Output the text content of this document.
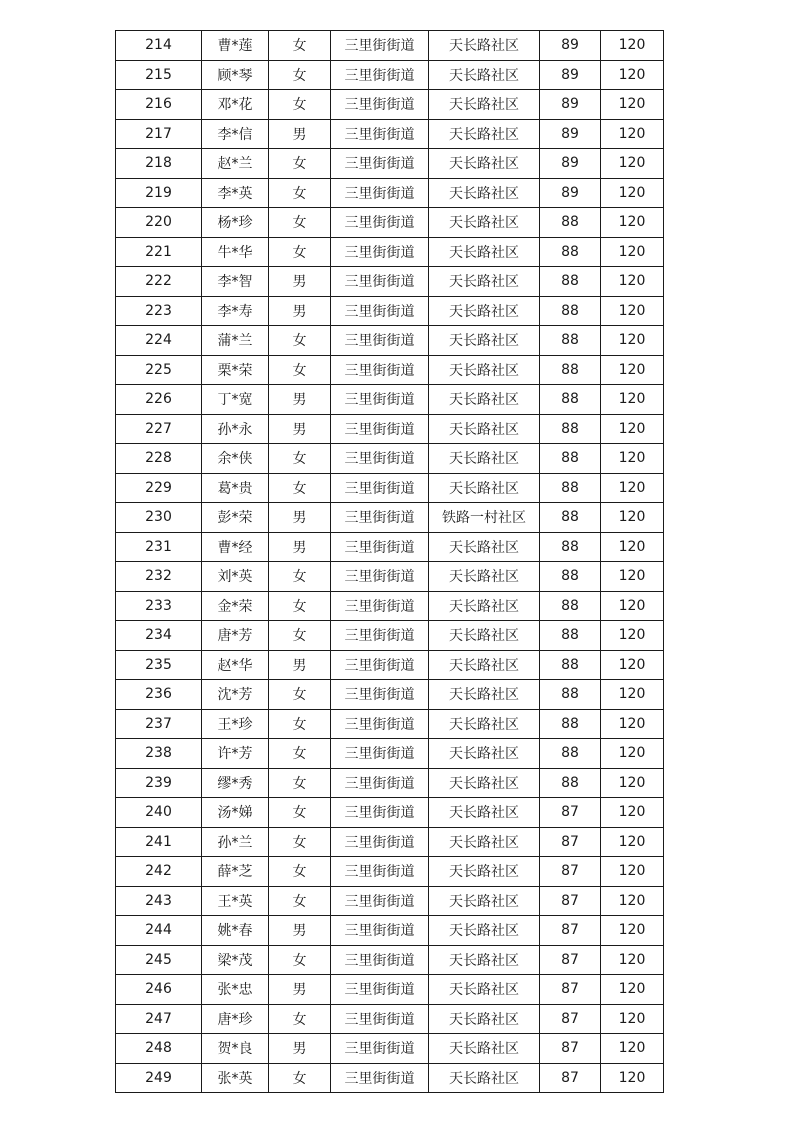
214	曹*莲	女	三里街街道	天长路社区	89	120
215	顾*琴	女	三里街街道	天长路社区	89	120
216	邓*花	女	三里街街道	天长路社区	89	120
217	李*信	男	三里街街道	天长路社区	89	120
218	赵*兰	女	三里街街道	天长路社区	89	120
219	李*英	女	三里街街道	天长路社区	89	120
220	杨*珍	女	三里街街道	天长路社区	88	120
221	牛*华	女	三里街街道	天长路社区	88	120
222	李*智	男	三里街街道	天长路社区	88	120
223	李*寿	男	三里街街道	天长路社区	88	120
224	蒲*兰	女	三里街街道	天长路社区	88	120
225	栗*荣	女	三里街街道	天长路社区	88	120
226	丁*宽	男	三里街街道	天长路社区	88	120
227	孙*永	男	三里街街道	天长路社区	88	120
228	余*侠	女	三里街街道	天长路社区	88	120
229	葛*贵	女	三里街街道	天长路社区	88	120
230	彭*荣	男	三里街街道	铁路一村社区	88	120
231	曹*经	男	三里街街道	天长路社区	88	120
232	刘*英	女	三里街街道	天长路社区	88	120
233	金*荣	女	三里街街道	天长路社区	88	120
234	唐*芳	女	三里街街道	天长路社区	88	120
235	赵*华	男	三里街街道	天长路社区	88	120
236	沈*芳	女	三里街街道	天长路社区	88	120
237	王*珍	女	三里街街道	天长路社区	88	120
238	许*芳	女	三里街街道	天长路社区	88	120
239	缪*秀	女	三里街街道	天长路社区	88	120
240	汤*娣	女	三里街街道	天长路社区	87	120
241	孙*兰	女	三里街街道	天长路社区	87	120
242	薛*芝	女	三里街街道	天长路社区	87	120
243	王*英	女	三里街街道	天长路社区	87	120
244	姚*春	男	三里街街道	天长路社区	87	120
245	梁*茂	女	三里街街道	天长路社区	87	120
246	张*忠	男	三里街街道	天长路社区	87	120
247	唐*珍	女	三里街街道	天长路社区	87	120
248	贺*良	男	三里街街道	天长路社区	87	120
249	张*英	女	三里街街道	天长路社区	87	120
